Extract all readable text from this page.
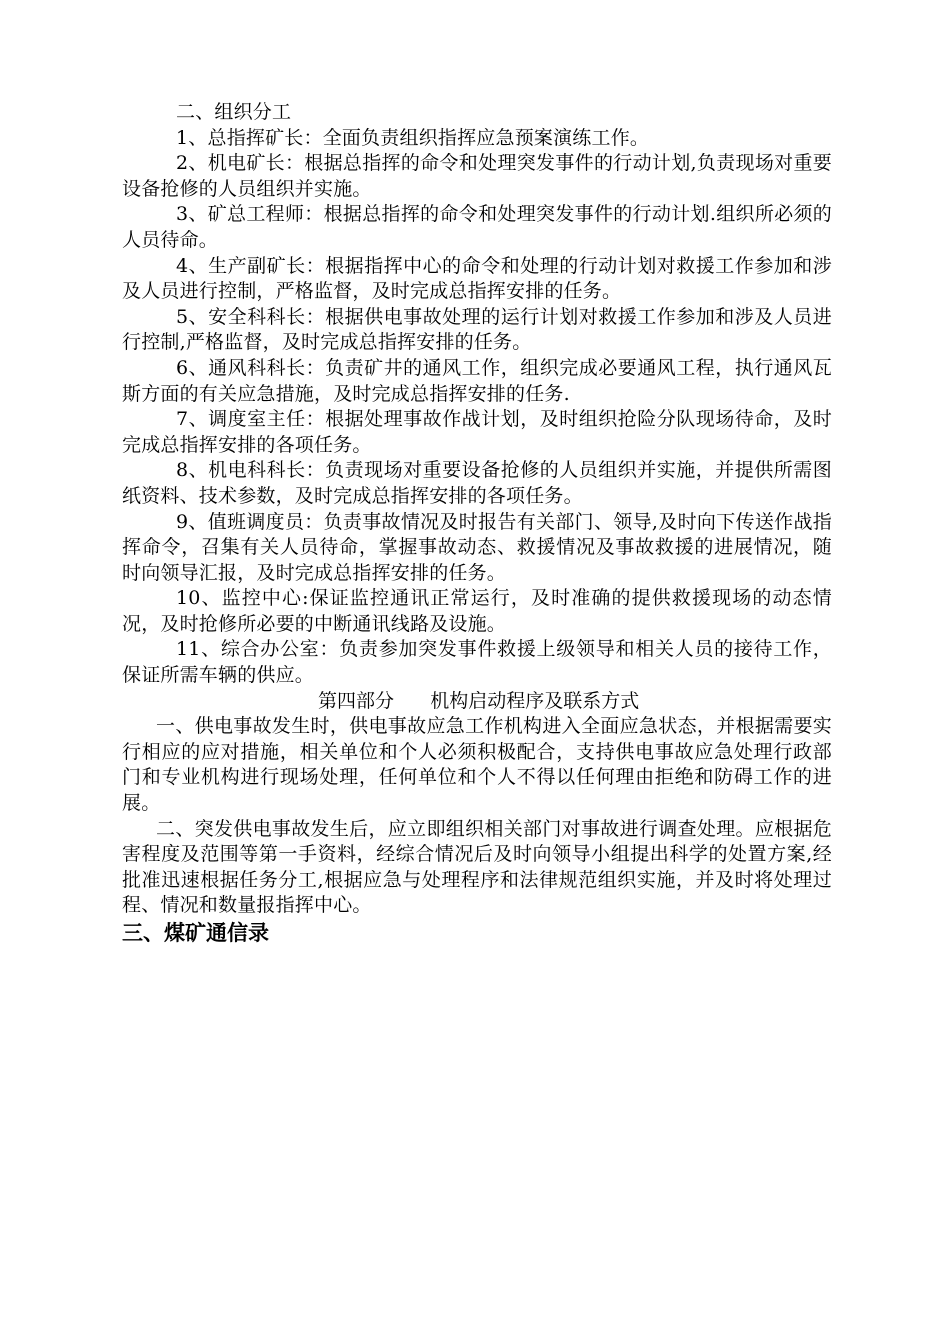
二、组织分工

1、总指挥矿长：全面负责组织指挥应急预案演练工作。

2、机电矿长：根据总指挥的命令和处理突发事件的行动计划,负责现场对重要设备抢修的人员组织并实施。

3、矿总工程师：根据总指挥的命令和处理突发事件的行动计划.组织所必须的人员待命。

4、生产副矿长：根据指挥中心的命令和处理的行动计划对救援工作参加和涉及人员进行控制，严格监督，及时完成总指挥安排的任务。

5、安全科科长：根据供电事故处理的运行计划对救援工作参加和涉及人员进行控制,严格监督，及时完成总指挥安排的任务。

6、通风科科长：负责矿井的通风工作，组织完成必要通风工程，执行通风瓦斯方面的有关应急措施，及时完成总指挥安排的任务.

7、调度室主任：根据处理事故作战计划，及时组织抢险分队现场待命，及时完成总指挥安排的各项任务。

8、机电科科长：负责现场对重要设备抢修的人员组织并实施，并提供所需图纸资料、技术参数，及时完成总指挥安排的各项任务。

9、值班调度员：负责事故情况及时报告有关部门、领导,及时向下传送作战指挥命令，召集有关人员待命，掌握事故动态、救援情况及事故救援的进展情况，随时向领导汇报，及时完成总指挥安排的任务。

10、监控中心:保证监控通讯正常运行，及时准确的提供救援现场的动态情况，及时抢修所必要的中断通讯线路及设施。

11、综合办公室：负责参加突发事件救援上级领导和相关人员的接待工作，保证所需车辆的供应。

第四部分      机构启动程序及联系方式

一、供电事故发生时，供电事故应急工作机构进入全面应急状态，并根据需要实行相应的应对措施，相关单位和个人必须积极配合，支持供电事故应急处理行政部门和专业机构进行现场处理，任何单位和个人不得以任何理由拒绝和防碍工作的进展。

二、突发供电事故发生后，应立即组织相关部门对事故进行调查处理。应根据危害程度及范围等第一手资料，经综合情况后及时向领导小组提出科学的处置方案,经批准迅速根据任务分工,根据应急与处理程序和法律规范组织实施，并及时将处理过程、情况和数量报指挥中心。

三、煤矿通信录
